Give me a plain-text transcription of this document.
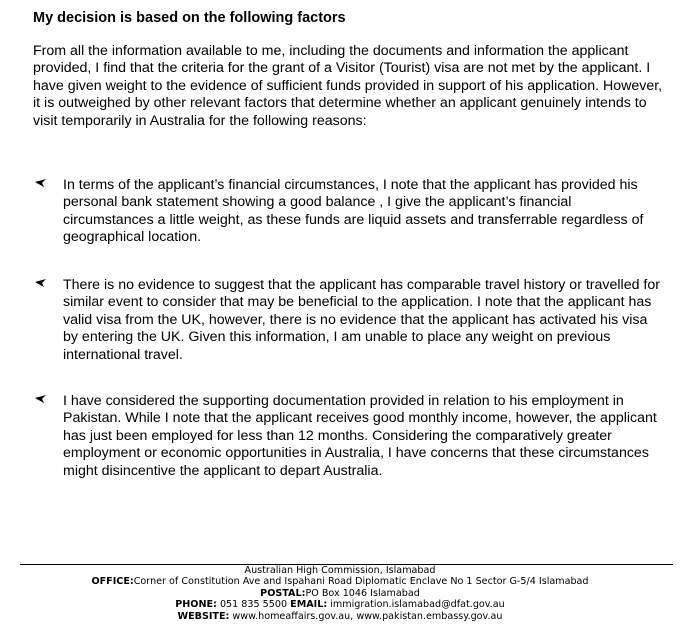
My decision is based on the following factors

From all the information available to me, including the documents and information the applicant provided, I find that the criteria for the grant of a Visitor (Tourist) visa are not met by the applicant. I have given weight to the evidence of sufficient funds provided in support of his application. However, it is outweighed by other relevant factors that determine whether an applicant genuinely intends to visit temporarily in Australia for the following reasons:

In terms of the applicant’s financial circumstances, I note that the applicant has provided his personal bank statement showing a good balance , I give the applicant’s financial circumstances a little weight, as these funds are liquid assets and transferrable regardless of geographical location.

There is no evidence to suggest that the applicant has comparable travel history or travelled for similar event to consider that may be beneficial to the application. I note that the applicant has valid visa from the UK, however, there is no evidence that the applicant has activated his visa by entering the UK. Given this information, I am unable to place any weight on previous international travel.

I have considered the supporting documentation provided in relation to his employment in Pakistan. While I note that the applicant receives good monthly income, however, the applicant has just been employed for less than 12 months. Considering the comparatively greater employment or economic opportunities in Australia, I have concerns that these circumstances might disincentive the applicant to depart Australia.

Australian High Commission, Islamabad
OFFICE:Corner of Constitution Ave and Ispahani Road Diplomatic Enclave No 1 Sector G-5/4 Islamabad
POSTAL:PO Box 1046 Islamabad
PHONE: 051 835 5500 EMAIL: immigration.islamabad@dfat.gov.au
WEBSITE: www.homeaffairs.gov.au, www.pakistan.embassy.gov.au
